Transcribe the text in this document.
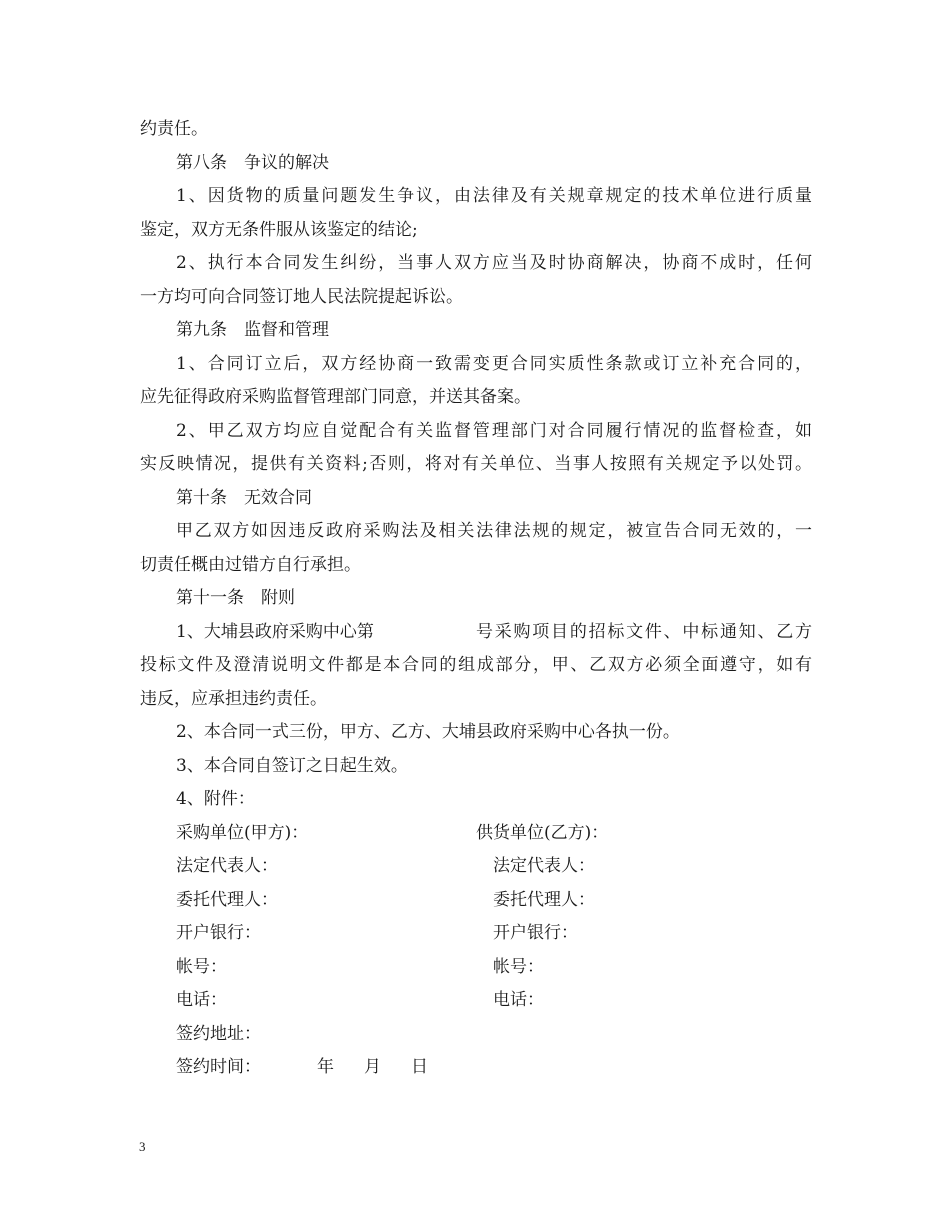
约责任。

第八条　争议的解决

1、因货物的质量问题发生争议，由法律及有关规章规定的技术单位进行质量

鉴定，双方无条件服从该鉴定的结论;

2、执行本合同发生纠纷，当事人双方应当及时协商解决，协商不成时，任何

一方均可向合同签订地人民法院提起诉讼。

第九条　监督和管理

1、合同订立后，双方经协商一致需变更合同实质性条款或订立补充合同的，

应先征得政府采购监督管理部门同意，并送其备案。

2、甲乙双方均应自觉配合有关监督管理部门对合同履行情况的监督检查，如

实反映情况，提供有关资料;否则，将对有关单位、当事人按照有关规定予以处罚。

第十条　无效合同

甲乙双方如因违反政府采购法及相关法律法规的规定，被宣告合同无效的，一

切责任概由过错方自行承担。

第十一条　附则

1、大埔县政府采购中心第	号采购项目的招标文件、中标通知、乙方

投标文件及澄清说明文件都是本合同的组成部分，甲、乙双方必须全面遵守，如有

违反，应承担违约责任。

2、本合同一式三份，甲方、乙方、大埔县政府采购中心各执一份。

3、本合同自签订之日起生效。

4、附件：

采购单位(甲方)：	供货单位(乙方)：
法定代表人：	法定代表人：
委托代理人：	委托代理人：
开户银行：	开户银行：
帐号：	帐号：
电话：	电话：
签约地址：
签约时间：	年 月 日
3
